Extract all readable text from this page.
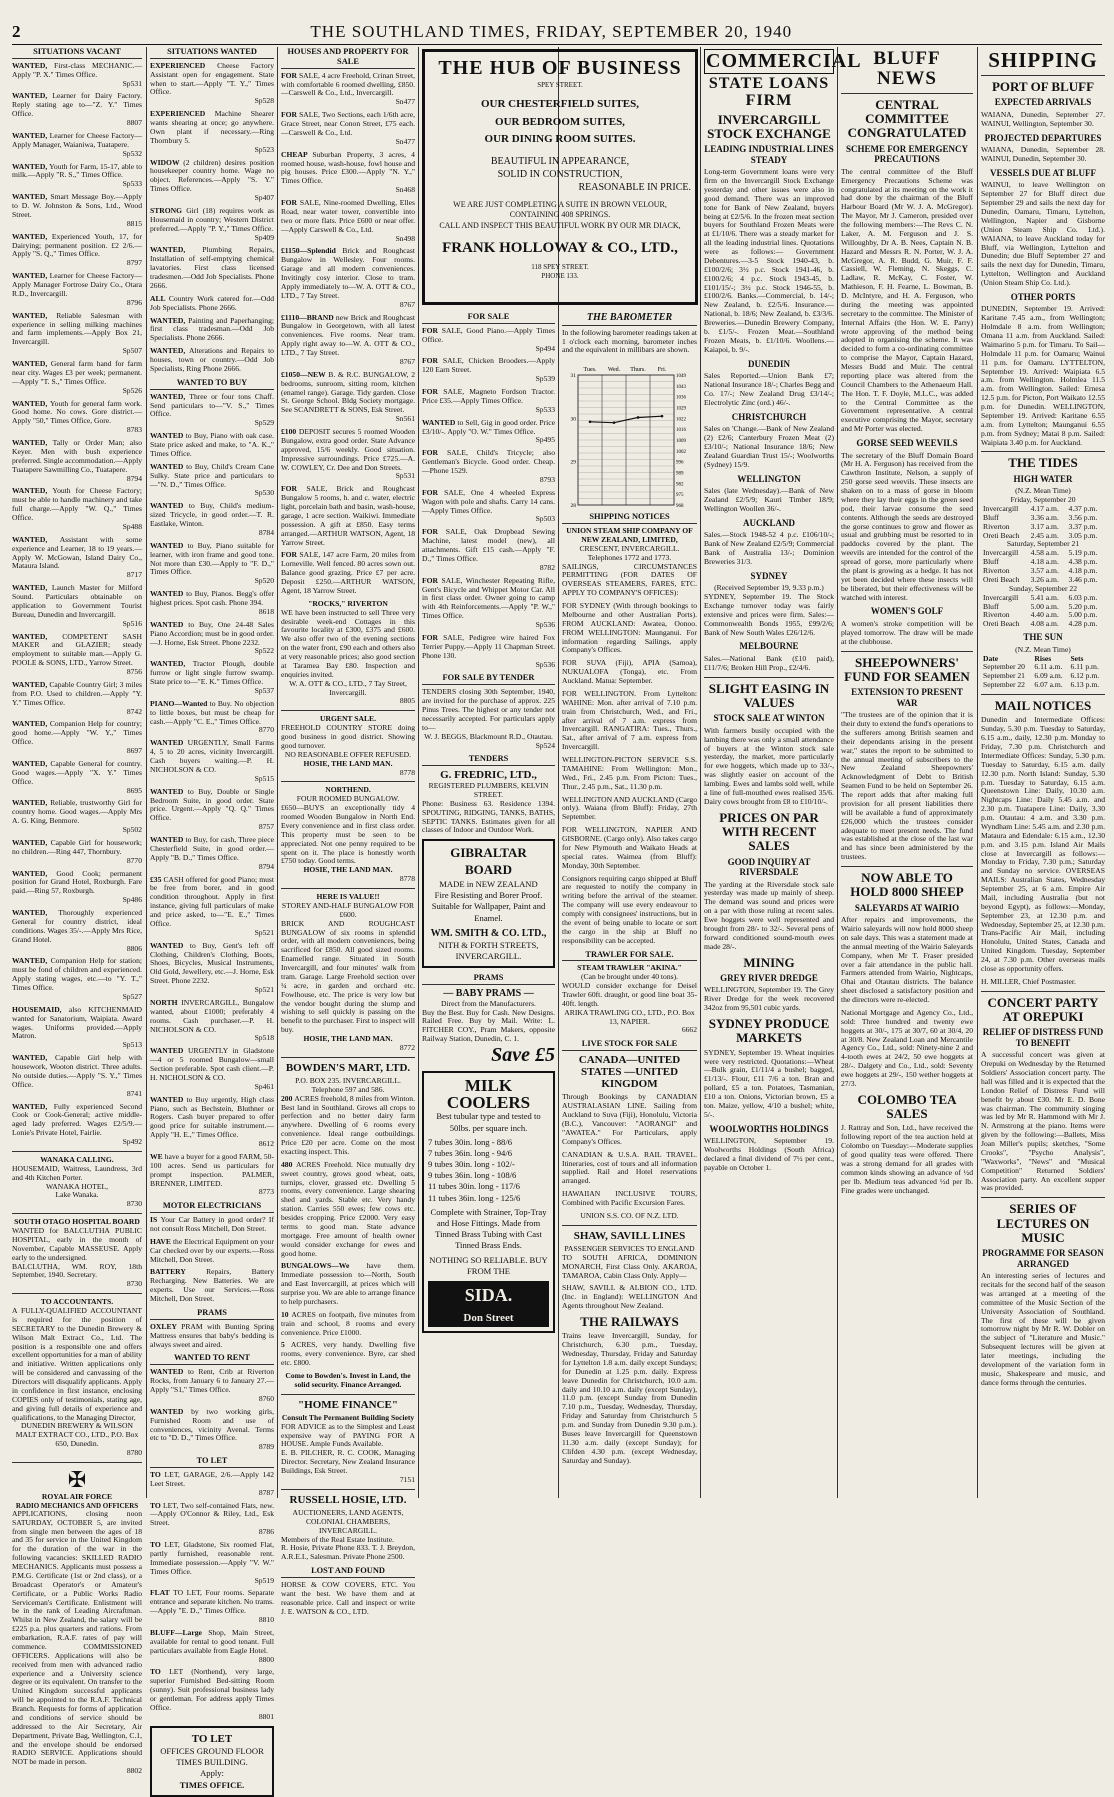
2	THE SOUTHLAND TIMES, FRIDAY, SEPTEMBER 20, 1940
SITUATIONS VACANT
WANTED, First-class MECHANIC.—Apply "P. X." Times Office.
Sp531
WANTED, Learner for Dairy Factory. Reply stating age to—"Z. Y." Times Office.
8807
WANTED, Learner for Cheese Factory—Apply Manager, Waianiwa, Tuatapere.
Sp532
WANTED, Youth for Farm, 15-17, able to milk.—Apply "R. S.," Times Office.
Sp533
WANTED, Smart Message Boy.—Apply to D. W. Johnston & Sons, Ltd., Wood Street.
8815
WANTED, Experienced Youth, 17, for Dairying; permanent position. £2 2/6.—Apply "S. Q.," Times Office.
8797
WANTED, Learner for Cheese Factory—Apply Manager Fortrose Dairy Co., Otara R.D., Invercargill.
8796
WANTED, Reliable Salesman with experience in selling milking machines and farm implements.—Apply Box 21, Invercargill.
Sp507
WANTED, General farm hand for farm near city. Wages £3 per week; permanent.—Apply "T. S.," Times Office.
Sp526
WANTED, Youth for general farm work. Good home. No cows. Gore district.—Apply "50," Times Office, Gore.
8783
WANTED, Tally or Order Man; also Keyer. Men with bush experience preferred. Single accommodation.—Apply Tuatapere Sawmilling Co., Tuatapere.
8794
WANTED, Youth for Cheese Factory; must be able to handle machinery and take full charge.—Apply "W. Q.," Times Office.
Sp488
WANTED, Assistant with some experience and Learner, 18 to 19 years.—Apply W. McGowan, Island Dairy Co., Mataura Island.
8717
WANTED, Launch Master for Milford Sound. Particulars obtainable on application to Government Tourist Bureau, Dunedin and Invercargill.
Sp516
WANTED, COMPETENT SASH MAKER and GLAZIER; steady employment to suitable man.—Apply G. POOLE & SONS, LTD., Yarrow Street.
8756
WANTED, Capable Country Girl; 3 miles from P.O. Used to children.—Apply "Y. Y." Times Office.
8742
WANTED, Companion Help for country; good home.—Apply "W. Y.," Times Office.
8697
WANTED, Capable General for country. Good wages.—Apply "X. Y." Times Office.
8695
WANTED, Reliable, trustworthy Girl for country home. Good wages.—Apply Mrs A. G. King, Benmore.
Sp502
WANTED, Capable Girl for housework; no children.—Ring 447, Thornbury.
8770
WANTED, Good Cook; permanent position for Grand Hotel, Roxburgh. Fare paid.—Ring 57, Roxburgh.
Sp486
WANTED, Thoroughly experienced General for country district, ideal conditions. Wages 35/-.—Apply Mrs Rice, Grand Hotel.
8806
WANTED, Companion Help for station; must be fond of children and experienced. Apply stating wages, etc.—to "Y. T.," Times Office.
Sp527
HOUSEMAID, also KITCHENMAID wanted for Sanatorium, Waipiata. Award wages. Uniforms provided.—Apply Matron.
Sp513
WANTED, Capable Girl help with housework, Wooton district. Three adults. No outside duties.—Apply "S. Y.," Times Office.
8741
WANTED, Fully experienced Second Cook or Cook-General; active middle-aged lady preferred. Wages £2/5/9.—Lonie's Private Hotel, Fairlie.
Sp492
WANAKA CALLING.
HOUSEMAID, Waitress, Laundress, 3rd and 4th Kitchen Porter.

WANAKA HOTEL,
Lake Wanaka.
8730
SOUTH OTAGO HOSPITAL BOARD
WANTED for BALCLUTHA PUBLIC HOSPITAL, early in the month of November, Capable MASSEUSE. Apply early to the undersigned.
BALCLUTHA, WM. ROY, 18th September, 1940. Secretary.
8730
TO ACCOUNTANTS.
A FULLY-QUALIFIED ACCOUNTANT is required for the position of SECRETARY to the Dunedin Brewery & Wilson Malt Extract Co., Ltd. The position is a responsible one and offers excellent opportunities for a man of ability and initiative. Written applications only will be considered and canvassing of the Directors will disqualify applicants. Apply in confidence in first instance, enclosing COPIES only of testimonials, stating age, and giving full details of experience and qualifications, to the Managing Director,

DUNEDIN BREWERY & WILSON MALT EXTRACT CO., LTD., P.O. Box 650, Dunedin.
8780
✠
ROYAL AIR FORCE
RADIO MECHANICS AND OFFICERS
APPLICATIONS, closing noon SATURDAY, OCTOBER 5, are invited from single men between the ages of 18 and 35 for service in the United Kingdom for the duration of the war in the following vacancies: SKILLED RADIO MECHANICS. Applicants must possess a P.M.G. Certificate (1st or 2nd class), or a Broadcast Operator's or Amateur's Certificate, or a Public Works Radio Serviceman's Certificate. Enlistment will be in the rank of Leading Aircraftman. Whilst in New Zealand, the salary will be £225 p.a. plus quarters and rations. From embarkation, R.A.F. rates of pay will commence. COMMISSIONED OFFICERS. Applications will also be received from men with advanced radio experience and a University science degree or its equivalent. On transfer to the United Kingdom successful applicants will be appointed to the R.A.F. Technical Branch. Requests for forms of application and conditions of service should be addressed to the Air Secretary, Air Department, Private Bag, Wellington, C.1, and the envelope should be endorsed RADIO SERVICE. Applications should NOT be made in person.
8802
SITUATIONS WANTED
EXPERIENCED Cheese Factory Assistant open for engagement. State when to start.—Apply "T. Y.," Times Office.
Sp528
EXPERIENCED Machine Shearer wants shearing at once; go anywhere. Own plant if necessary.—Ring Thornbury 5.
Sp523
WIDOW (2 children) desires position housekeeper country home. Wage no object. References.—Apply "S. Y." Times Office.
Sp407
STRONG Girl (18) requires work as Housemaid in country; Western District preferred.—Apply "P. Y.," Times Office.
Sp409
WANTED, Plumbing Repairs, Installation of self-emptying chemical lavatories. First class licensed tradesmen.—Odd Job Specialists. Phone 2666.
ALL Country Work catered for.—Odd Job Specialists. Phone 2666.
WANTED, Painting and Paperhanging; first class tradesman.—Odd Job Specialists. Phone 2666.
WANTED, Alterations and Repairs to houses, town or country.—Odd Job Specialists, Ring Phone 2666.
WANTED TO BUY
WANTED, Three or four tons Chaff. Send particulars to—"V. S.," Times Office.
Sp529
WANTED to Buy, Piano with oak case. State price asked and make, to "A. K.," Times Office.
WANTED to Buy, Child's Cream Cane Sulky. State price and particulars to—"N. D.," Times Office.
Sp530
WANTED to Buy, Child's medium-sized Tricycle, in good order.—T. R. Eastlake, Winton.
8784
WANTED to Buy, Piano suitable for learner, with iron frame and good tone. Not more than £30.—Apply to "F. D.," Times Office.
Sp520
WANTED to Buy, Pianos. Begg's offer highest prices. Spot cash. Phone 394.
8618
WANTED to Buy, One 24-48 Sales Piano Accordion; must be in good order.—J. Horne, Esk Street. Phone 2232.
Sp522
WANTED, Tractor Plough, double furrow or light single furrow swamp. State price to—"E. K." Times Office.
Sp537
PIANO—Wanted to Buy. No objection to little boxes, but must be cheap for cash.—Apply "C. E.," Times Office.
8770
WANTED URGENTLY, Small Farms 4, 5 to 20 acres, vicinity Invercargill. Cash buyers waiting.—P. H. NICHOLSON & CO.
Sp515
WANTED to Buy, Double or Single Bedroom Suite, in good order. State price. Urgent.—Apply "Q. Q." Times Office.
8757
WANTED to Buy, for cash, Three piece Chesterfield Suite, in good order.—Apply "B. D.," Times Office.
8794
£35 CASH offered for good Piano; must be free from borer, and in good condition throughout. Apply in first instance, giving full particulars of make and price asked, to—"E. E.," Times Office.
Sp521
WANTED to Buy, Gent's left off Clothing, Children's Clothing, Boots, Shoes, Bicycles, Musical Instruments, Old Gold, Jewellery, etc.—J. Horne, Esk Street. Phone 2232.
Sp521
NORTH INVERCARGILL, Bungalow wanted, about £1000; preferably 4 rooms. Cash purchaser.—P. H. NICHOLSON & CO.
Sp518
WANTED URGENTLY in Gladstone —4 or 5 roomed Bungalow—small Section preferable. Spot cash client.—P. H. NICHOLSON & CO.
Sp461
WANTED to Buy urgently, High class Piano, such as Bechstein, Bluthner or Rogers. Cash buyer prepared to offer good price for suitable instrument.—Apply "H. E.," Times Office.
8612
WE have a buyer for a good FARM, 50-100 acres. Send us particulars for prompt inspection. PALMER, BRENNER, LIMITED.
8773
MOTOR ELECTRICIANS
IS Your Car Battery in good order? If not consult Ross Mitchell, Don Street.
HAVE the Electrical Equipment on your Car checked over by our experts.—Ross Mitchell, Don Street.
BATTERY Repairs, Battery Recharging. New Batteries. We are experts. Use our Services.—Ross Mitchell, Don Street.
PRAMS
OXLEY PRAM with Bunting Spring Mattress ensures that baby's bedding is always sweet and aired.
WANTED TO RENT
WANTED to Rent, Crib at Riverton Rocks, from January 6 to January 27.—Apply "S1," Times Office.
8760
WANTED by two working girls, Furnished Room and use of conveniences, vicinity Avenal. Terms etc to "D. D.," Times Office.
8789
TO LET
TO LET, GARAGE, 2/6.—Apply 142 Leet Street.
8787
TO LET, Two self-contained Flats, new.—Apply O'Connor & Riley, Ltd., Esk Street.
8786
TO LET, Gladstone, Six roomed Flat, partly furnished, reasonable rent. Immediate possession.—Apply "V. W." Times Office.
Sp519
FLAT TO LET, Four rooms. Separate entrance and separate kitchen. No trams.—Apply "E. D.," Times Office.
8810
BLUFF—Large Shop, Main Street, available for rental to good tenant. Full particulars available from Eagle Hotel.
8800
TO LET (Northend), very large, superior Furnished Bed-sitting Room (sunny). Suit professional business lady or gentleman. For address apply Times Office.
8801
TO LET
OFFICES GROUND FLOOR TIMES BUILDING.
Apply:
TIMES OFFICE.
HOUSES AND PROPERTY FOR SALE
FOR SALE, 4 acre Freehold, Crinan Street, with comfortable 6 roomed dwelling, £850.—Carswell & Co., Ltd., Invercargill.
Sn477
FOR SALE, Two Sections, each 1/6th acre, Grace Street, near Conon Street, £75 each.—Carswell & Co., Ltd.
Sn477
CHEAP Suburban Property, 3 acres, 4 roomed house, wash-house, fowl house and pig houses. Price £300.—Apply "N. Y.," Times Office.
Sn468
FOR SALE, Nine-roomed Dwelling, Elles Road, near water tower, convertible into two or more flats. Price £600 or near offer.—Apply Carswell & Co., Ltd.
Sn498
£1150—Splendid Brick and Roughcast Bungalow in Wellesley. Four rooms. Garage and all modern conveniences. Invitingly cosy interior. Close to tram. Apply immediately to—W. A. OTT & CO., LTD., 7 Tay Street.
8767
£1110—BRAND new Brick and Roughcast Bungalow in Georgetown, with all latest conveniences. Five rooms. Near tram. Apply right away to—W. A. OTT & CO., LTD., 7 Tay Street.
8767
£1050—NEW B. & R.C. BUNGALOW, 2 bedrooms, sunroom, sitting room, kitchen (enamel range). Garage. Tidy garden. Close St. George School. Bldg Society mortgage. See SCANDRETT & SONS, Esk Street.
Sn561
£100 DEPOSIT secures 5 roomed Wooden Bungalow, extra good order. State Advance approved, 15/6 weekly. Good situation. Impressive surroundings. Price £725.—A. W. COWLEY, Cr. Dee and Don Streets.
Sp531
FOR SALE, Brick and Roughcast Bungalow 5 rooms, h. and c. water, electric light, porcelain bath and basin, wash-house, garage, 1 acre section. Waikiwi. Immediate possession. A gift at £850. Easy terms arranged.—ARTHUR WATSON, Agent, 18 Yarrow Street.
FOR SALE, 147 acre Farm, 20 miles from Lorneville. Well fenced. 80 acres sown out. Balance good grazing. Price £7 per acre. Deposit £250.—ARTHUR WATSON, Agent, 18 Yarrow Street.
"ROCKS," RIVERTON
WE have been instructed to sell Three very desirable week-end Cottages in this favourite locality at £300, £375 and £600. We also offer two of the evening sections on the water front, £90 each and others also at very reasonable prices; also good section at Taramea Bay £80. Inspection and enquiries invited.

W. A. OTT & CO., LTD., 7 Tay Street, Invercargill.
8805
URGENT SALE.
FREEHOLD COUNTRY STORE doing good business in good district. Showing good turnover.

NO REASONABLE OFFER REFUSED.
HOSIE, THE LAND MAN.
8778
NORTHEND.
FOUR ROOMED BUNGALOW.
£650—BUYS an exceptionally tidy 4 roomed Wooden Bungalow in North End. Every convenience and in first class order. This property must be seen to be appreciated. Not one penny required to be spent on it. The place is honestly worth £750 today. Good terms.

HOSIE, THE LAND MAN.
8778
HERE IS VALUE!!
STOREY AND-HALF BUNGALOW FOR £600.
BRICK AND ROUGHCAST BUNGALOW of six rooms in splendid order, with all modern conveniences, being sacrificed for £850. All good sized rooms. Enamelled range. Situated in South Invercargill, and four minutes' walk from tram. Garage. Large Freehold section over ¼ acre, in garden and orchard etc. Fowlhouse, etc. The price is very low but the vendor bought during the slump and wishing to sell quickly is passing on the benefit to the purchaser. First to inspect will buy.

HOSIE, THE LAND MAN.
8772
BOWDEN'S MART, LTD.
P.O. BOX 235. INVERCARGILL. Telephone 597 and 586.
200 ACRES freehold, 8 miles from Winton. Best land in Southland. Grows all crops to perfection and no better dairy farm anywhere. Dwelling of 6 rooms every convenience. Ideal range outbuildings. Price £20 per acre. Come on the most exacting inspect. This.
480 ACRES Freehold. Nice mutually dry sweet country, grows good wheat, oats, turnips, clover, grassed etc. Dwelling 5 rooms, every convenience. Large shearing shed and yards. Stable etc. Very handy station. Carries 550 ewes; few cows etc. besides cropping. Price £2000. Very easy terms to good man. State advance mortgage. Free amount of health owner would consider exchange for ewes and good home.
BUNGALOWS—We have them. Immediate possession to—North, South and East Invercargill, at prices which will surprise you. We are able to arrange finance to help purchasers.
10 ACRES on footpath, five minutes from train and school, 8 rooms and every convenience. Price £1000.
5 ACRES, very handy. Dwelling five rooms, every convenience. Byre, car shed etc. £800.
Come to Bowden's. Invest in Land, the solid security. Finance Arranged.
"HOME FINANCE"
Consult The Permanent Building Society
FOR ADVICE as to the Simplest and Least expensive way of PAYING FOR A HOUSE. Ample Funds Available.
E. B. PILCHER, R. C. COOK, Managing Director. Secretary, New Zealand Insurance Buildings, Esk Street.
7151
RUSSELL HOSIE, LTD.
AUCTIONEERS, LAND AGENTS, COLONIAL CHAMBERS, INVERCARGILL.
Members of the Real Estate Institute.
R. Hosie, Private Phone 833. T. J. Breydon, A.R.E.I., Salesman. Private Phone 2500.
LOST AND FOUND
HORSE & COW COVERS, ETC. You want the best. We have them and at reasonable price. Call and inspect or write J. E. WATSON & CO., LTD.
THE HUB OF BUSINESS
SPEY STREET.
OUR CHESTERFIELD SUITES,
OUR BEDROOM SUITES,
OUR DINING ROOM SUITES.
BEAUTIFUL IN APPEARANCE,
SOLID IN CONSTRUCTION,
REASONABLE IN PRICE.
WE ARE JUST COMPLETING A SUITE IN BROWN VELOUR, CONTAINING 408 SPRINGS.
CALL AND INSPECT THIS BEAUTIFUL WORK BY OUR MR DIACK,
FRANK HOLLOWAY & CO., LTD.,
118 SPEY STREET.
PHONE 133.
FOR SALE
FOR SALE, Good Piano.—Apply Times Office.
Sp494
FOR SALE, Chicken Brooders.—Apply 120 Earn Street.
Sp539
FOR SALE, Magneto Fordson Tractor. Price £35.—Apply Times Office.
Sp533
WANTED to Sell, Gig in good order. Price £3/10/-. Apply "O. W." Times Office.
Sp495
FOR SALE, Child's Tricycle; also Gentleman's Bicycle. Good order. Cheap.—Phone 1529.
8793
FOR SALE, One 4 wheeled Express Wagon with pole and shafts. Carry 14 cans.—Apply Times Office.
Sp503
FOR SALE, Oak Dropbead Sewing Machine, latest model (new), all attachments. Gift £15 cash.—Apply "F. D.," Times Office.
8782
FOR SALE, Winchester Repeating Rifle, Gent's Bicycle and Whippet Motor Car. All in first class order. Owner going to camp with 4th Reinforcements.—Apply "P. W.," Times Office.
Sp536
FOR SALE, Pedigree wire haired Fox Terrier Puppy.—Apply 11 Chapman Street. Phone 130.
Sp536
FOR SALE BY TENDER
TENDERS closing 30th September, 1940, are invited for the purchase of approx. 225 Pinus Trees. The highest or any tender not necessarily accepted. For particulars apply to—

W. J. BEGGS, Blackmount R.D., Otautau.
Sp524
TENDERS
G. FREDRIC, LTD.,
REGISTERED PLUMBERS, KELVIN STREET.
Phone: Business 63. Residence 1394. SPOUTING, RIDGING, TANKS, BATHS, SEPTIC TANKS. Estimates given for all classes of Indoor and Outdoor Work.
GIBRALTAR BOARD
MADE in NEW ZEALAND
Fire Resisting and Borer Proof.
Suitable for Wallpaper, Paint and Enamel.
WM. SMITH & CO. LTD.,
NITH & FORTH STREETS, INVERCARGILL.
PRAMS
— BABY PRAMS —
Direct from the Manufacturers.
Buy the Best. Buy for Cash. New Designs. Railed Free. Buy by Mail. Write: L. FITCHER COY., Pram Makers, opposite Railway Station, Dunedin, C. 1.
Save £5
MILK COOLERS
Best tubular type and tested to 50lbs. per square inch.
7 tubes 30in. long - 88/6
7 tubes 36in. long - 94/6
9 tubes 30in. long - 102/-
9 tubes 36in. long - 108/6
11 tubes 30in. long - 117/6
11 tubes 36in. long - 125/6
Complete with Strainer, Top-Tray and Hose Fittings. Made from Tinned Brass Tubing with Cast Tinned Brass Ends.
NOTHING SO RELIABLE. BUY FROM THE
SIDA.
Don Street
THE BAROMETER
In the following barometer readings taken at 1 o'clock each morning, barometer inches and the equivalent in millibars are shown.
Tues. Wed. Thurs. Fri.
31
30
29
28
1049
1043
1036
1029
1022
1016
1009
1002
996
989
982
975
968
SHIPPING NOTICES
UNION STEAM SHIP COMPANY OF NEW ZEALAND, LIMITED,
CRESCENT, INVERCARGILL. Telephones 1772 and 1773.
SAILINGS, CIRCUMSTANCES PERMITTING (FOR DATES OF OVERSEAS STEAMERS, FARES, ETC. APPLY TO COMPANY'S OFFICES):
FOR SYDNEY (With through bookings to Melbourne and other Australian Ports). FROM AUCKLAND: Awatea, Oonoo. FROM WELLINGTON: Maunganui. For information regarding Sailings, apply Company's Offices.
FOR SUVA (Fiji), APIA (Samoa), NUKUALOFA (Tonga), etc. From Auckland. Matua: September.
FOR WELLINGTON. From Lyttelton: WAHINE: Mon. after arrival of 7.10 p.m. train from Christchurch, Wed., and Fri., after arrival of 7 a.m. express from Invercargill. RANGATIRA: Tues., Thurs., Sat., after arrival of 7 a.m. express from Invercargill.
WELLINGTON-PICTON SERVICE S.S. TAMAHINE: From Wellington: Mon., Wed., Fri., 2.45 p.m. From Picton: Tues., Thur., 2.45 p.m., Sat., 11.30 p.m.
WELLINGTON AND AUCKLAND (Cargo only). Waiana (from Bluff): Friday, 27th September.
FOR WELLINGTON, NAPIER AND GISBORNE. (Cargo only). Also takes cargo for New Plymouth and Waikato Heads at special rates. Waimea (from Bluff): Monday, 30th September.
Consignors requiring cargo shipped at Bluff are requested to notify the company in writing before the arrival of the steamer. The company will use every endeavour to comply with consignees' instructions, but in the event of being unable to locate or sort the cargo in the ship at Bluff no responsibility can be accepted.
TRAWLER FOR SALE.
STEAM TRAWLER "AKINA."
(Can be brought under 40 tons).
WOULD consider exchange for Deisel Trawler 60ft. draught, or good line boat 35-40ft. length.

ARIKA TRAWLING CO., LTD., P.O. Box 13, NAPIER.
6662
LIVE STOCK FOR SALE
CANADA—UNITED STATES —UNITED KINGDOM
Through Bookings by CANADIAN AUSTRALASIAN LINE. Sailing from Auckland to Suva (Fiji), Honolulu, Victoria (B.C.), Vancouver: "AORANGI" and "AWATEA." For Particulars, apply Company's Offices.
CANADIAN & U.S.A. RAIL TRAVEL. Itineraries, cost of tours and all information supplied. Rail and Hotel reservations arranged.
HAWAIIAN INCLUSIVE TOURS, Combined with Pacific Excursion Fares.
UNION S.S. CO. OF N.Z. LTD.
SHAW, SAVILL LINES
PASSENGER SERVICES TO ENGLAND
TO SOUTH AFRICA, DOMINION MONARCH, First Class Only. AKAROA, TAMAROA, Cabin Class Only. Apply—
SHAW, SAVILL & ALBION CO., LTD. (Inc. in England): WELLINGTON And Agents throughout New Zealand.
THE RAILWAYS
Trains leave Invercargill, Sunday, for Christchurch, 6.30 p.m., Tuesday, Wednesday, Thursday, Friday and Saturday for Lyttelton 1.8 a.m. daily except Sundays; for Dunedin at 1.25 p.m. daily. Express leave Dunedin for Christchurch, 10.0 a.m. daily and 10.10 a.m. daily (except Sunday), 11.0 p.m. (except Sunday from Dunedin 7.10 p.m., Tuesday, Wednesday, Thursday, Friday and Saturday from Christchurch 5 p.m. and Sunday from Dunedin 9.30 p.m.). Buses leave Invercargill for Queenstown 11.30 a.m. daily (except Sunday); for Clifden 4.30 p.m. (except Wednesday, Saturday and Sunday).
COMMERCIAL
STATE LOANS FIRM
INVERCARGILL STOCK EXCHANGE
LEADING INDUSTRIAL LINES STEADY
Long-term Government loans were very firm on the Invercargill Stock Exchange yesterday and other issues were also in good demand. There was an improved tone for Bank of New Zealand, buyers being at £2/5/6. In the frozen meat section buyers for Southland Frozen Meats were at £1/10/6. There was a steady market for all the leading industrial lines. Quotations were as follows:— Government Debentures.—3-5 Stock 1940-43, b. £100/2/6; 3½ p.c. Stock 1941-46, b. £100/2/6; 4 p.c. Stock 1943-45, b. £101/15/-; 3½ p.c. Stock 1946-55, b. £100/2/6. Banks.—Commercial, b. 14/-; New Zealand, b. £2/5/6. Insurance.—National, b. 18/6; New Zealand, b. £3/3/6. Breweries.—Dunedin Brewery Company, b. £1/5/-. Frozen Meat.—Southland Frozen Meats, b. £1/10/6. Woollens.—Kaiapoi, b. 9/-.
DUNEDIN
Sales Reported.—Union Bank £7; National Insurance 18/-; Charles Begg and Co. 17/-; New Zealand Drug £3/14/-; Electrolytic Zinc (ord.) 46/-.
CHRISTCHURCH
Sales on 'Change.—Bank of New Zealand (2) £2/6; Canterbury Frozen Meat (2) £3/10/-; National Insurance 18/6; New Zealand Guardian Trust 15/-; Woolworths (Sydney) 15/9.
WELLINGTON
Sales (late Wednesday).—Bank of New Zealand £2/5/9; Kauri Timber 18/9; Wellington Woollen 36/-.
AUCKLAND
Sales.—Stock 1948-52 4 p.c. £106/10/-; Bank of New Zealand £2/5/9; Commercial Bank of Australia 13/-; Dominion Breweries 31/3.
SYDNEY
(Received September 19, 9.33 p.m.)
SYDNEY, September 19. The Stock Exchange turnover today was fairly extensive and prices were firm. Sales:—Commonwealth Bonds 1955, £99/2/6; Bank of New South Wales £26/12/6.
MELBOURNE
Sales.—National Bank (£10 paid), £11/7/6; Broken Hill Prop., £2/4/6.
SLIGHT EASING IN VALUES
STOCK SALE AT WINTON
With farmers busily occupied with the lambing there was only a small attendance of buyers at the Winton stock sale yesterday, the market, more particularly for ewe hoggets, which made up to 33/-, was slightly easier on account of the lambing. Ewes and lambs sold well, while a line of full-mouthed ewes realised 35/6. Dairy cows brought from £8 to £10/10/-.
PRICES ON PAR WITH RECENT SALES
GOOD INQUIRY AT RIVERSDALE
The yarding at the Riversdale stock sale yesterday was made up mainly of sheep. The demand was sound and prices were on a par with those ruling at recent sales. Ewe hoggets were well represented and brought from 28/- to 32/-. Several pens of forward conditioned sound-mouth ewes made 28/-.
MINING
GREY RIVER DREDGE
WELLINGTON, September 19. The Grey River Dredge for the week recovered 342oz from 95,501 cubic yards.
SYDNEY PRODUCE MARKETS
SYDNEY, September 19. Wheat inquiries were very restricted. Quotations:—Wheat—Bulk grain, £1/11/4 a bushel; bagged, £1/13/-. Flour, £11 7/6 a ton. Bran and pollard, £5 a ton. Potatoes, Tasmanian, £10 a ton. Onions, Victorian brown, £5 a ton. Maize, yellow, 4/10 a bushel; white, 5/-.
WOOLWORTHS HOLDINGS
WELLINGTON, September 19. Woolworths Holdings (South Africa) declared a final dividend of 7½ per cent., payable on October 1.
BLUFF NEWS
CENTRAL COMMITTEE CONGRATULATED
SCHEME FOR EMERGENCY PRECAUTIONS
The central committee of the Bluff Emergency Precautions Scheme was congratulated at its meeting on the work it had done by the chairman of the Bluff Harbour Board (Mr W. J. A. McGregor). The Mayor, Mr J. Cameron, presided over the following members:—The Revs C. N. Laker, A. M. Ferguson and J. S. Willoughby, Dr A. B. Nees, Captain N. B. Hazard and Messrs R. N. Porter, W. J. A. McGregor, A. R. Budd, G. Muir, F. F. Cassiell, W. Fleming, N. Skeggs, C. Ladlaw, R. McKay, C. Foster, W. Mathieson, F. H. Fearne, L. Bowman, B. D. McIntyre, and H. A. Ferguson, who during the meeting was appointed secretary to the committee. The Minister of Internal Affairs (the Hon. W. E. Parry) wrote approving of the method being adopted in organising the scheme. It was decided to form a co-ordinating committee to comprise the Mayor, Captain Hazard, Messrs Budd and Muir. The central reporting place was altered from the Council Chambers to the Athenaeum Hall. The Hon. T. F. Doyle, M.L.C., was added to the Central Committee as the Government representative. A central executive comprising the Mayor, secretary and Mr Porter was elected.
GORSE SEED WEEVILS
The secretary of the Bluff Domain Board (Mr H. A. Ferguson) has received from the Cawthron Institute, Nelson, a supply of 250 gorse seed weevils. These insects are shaken on to a mass of gorse in bloom where they lay their eggs in the green seed pod, their larvae consume the seed contents. Although the seeds are destroyed the gorse continues to grow and flower as usual and grubbing must be resorted to in paddocks covered by the plant. The weevils are intended for the control of the spread of gorse, more particularly where the plant is growing as a hedge. It has not yet been decided where these insects will be liberated, but their effectiveness will be watched with interest.
WOMEN'S GOLF
A women's stroke competition will be played tomorrow. The draw will be made at the clubhouse.
SHEEPOWNERS' FUND FOR SEAMEN
EXTENSION TO PRESENT WAR
"The trustees are of the opinion that it is their duty to extend the fund's operations to the sufferers among British seamen and their dependants arising in the present war," states the report to be submitted to the annual meeting of subscribers to the New Zealand Sheepowners' Acknowledgment of Debt to British Seamen Fund to be held on September 26. The report adds that after making full provision for all present liabilities there will be available a fund of approximately £26,000 which the trustees consider adequate to meet present needs. The fund was established at the close of the last war and has since been administered by the trustees.
NOW ABLE TO HOLD 8000 SHEEP
SALEYARDS AT WAIRIO
After repairs and improvements, the Wairio saleyards will now hold 8000 sheep on sale days. This was a statement made at the annual meeting of the Wairio Saleyards Company, when Mr T. Fraser presided over a fair attendance in the public hall. Farmers attended from Wairio, Nightcaps, Ohai and Otautau districts. The balance sheet disclosed a satisfactory position and the directors were re-elected.
National Mortgage and Agency Co., Ltd., sold: Three hundred and twenty ewe hoggets at 30/-, 175 at 30/7, 60 at 30/4, 20 at 30/8. New Zealand Loan and Mercantile Agency Co., Ltd., sold: Ninety-nine 2 and 4-tooth ewes at 24/2, 50 ewe hoggets at 28/-. Dalgety and Co., Ltd., sold: Seventy ewe hoggets at 29/-, 150 wether hoggets at 27/3.
COLOMBO TEA SALES
J. Rattray and Son, Ltd., have received the following report of the tea auction held at Colombo on Tuesday:—Moderate supplies of good quality teas were offered. There was a strong demand for all grades with common kinds showing an advance of ½d per lb. Medium teas advanced ½d per lb. Fine grades were unchanged.
SHIPPING
PORT OF BLUFF
EXPECTED ARRIVALS
WAIANA, Dunedin, September 27. WAINUI, Wellington, September 30.
PROJECTED DEPARTURES
WAIANA, Dunedin, September 28. WAINUI, Dunedin, September 30.
VESSELS DUE AT BLUFF
WAINUI, to leave Wellington on September 27 for Bluff direct due September 29 and sails the next day for Dunedin, Oamaru, Timaru, Lyttelton, Wellington, Napier and Gisborne (Union Steam Ship Co. Ltd.). WAIANA, to leave Auckland today for Bluff, via Wellington, Lyttelton and Dunedin; due Bluff September 27 and sails the next day for Dunedin, Timaru, Lyttelton, Wellington and Auckland (Union Steam Ship Co. Ltd.).
OTHER PORTS
DUNEDIN, September 19. Arrived: Karitane 7.45 a.m., from Wellington; Holmdale 8 a.m. from Wellington; Omana 11 a.m. from Auckland. Sailed: Waimarino 5 p.m. for Timaru. To Sail—Holmdale 11 p.m. for Oamaru; Wainui 11 p.m. for Oamaru. LYTTELTON, September 19. Arrived: Waipiata 6.5 a.m. from Wellington. Holmlea 11.5 a.m. from Wellington. Sailed: Ernesa 12.5 p.m. for Picton, Port Waikato 12.55 p.m. for Dunedin. WELLINGTON, September 19. Arrived: Karitane 6.55 a.m. from Lyttelton; Maunganui 6.55 p.m. from Sydney; Matai 8 p.m. Sailed: Waipiata 3.40 p.m. for Auckland.
THE TIDES
HIGH WATER
(N.Z. Mean Time)
Friday, September 20
Invercargill	4.17 a.m.	4.37 p.m.
Bluff	3.36 a.m.	3.56 p.m.
Riverton	3.17 a.m.	3.37 p.m.
Oreti Beach	2.45 a.m.	3.05 p.m.
Saturday, September 21
Invercargill	4.58 a.m.	5.19 p.m.
Bluff	4.18 a.m.	4.38 p.m.
Riverton	3.57 a.m.	4.18 p.m.
Oreti Beach	3.26 a.m.	3.46 p.m.
Sunday, September 22
Invercargill	5.41 a.m.	6.03 p.m.
Bluff	5.00 a.m.	5.20 p.m.
Riverton	4.40 a.m.	5.00 p.m.
Oreti Beach	4.08 a.m.	4.28 p.m.
THE SUN
(N.Z. Mean Time)
Date	Rises	Sets
September 20	6.11 a.m.	6.11 p.m.
September 21	6.09 a.m.	6.12 p.m.
September 22	6.07 a.m.	6.13 p.m.
MAIL NOTICES
Dunedin and Intermediate Offices: Sunday, 5.30 p.m. Tuesday to Saturday, 6.15 a.m., daily, 12.30 p.m. Monday to Friday, 7.30 p.m. Christchurch and Intermediate Offices: Sunday, 5.30 p.m. Tuesday to Saturday, 6.15 a.m. daily 12.30 p.m. North Island: Sunday, 5.30 p.m. Tuesday to Saturday, 6.15 a.m. Queenstown Line: Daily, 10.30 a.m. Nightcaps Line: Daily 5.45 a.m. and 2.30 p.m. Tuatapere Line: Daily, 3.30 p.m. Otautau: 4 a.m. and 3.30 p.m. Wyndham Line: 5.45 a.m. and 2.30 p.m. Mataura and Edendale: 6.15 a.m., 12.30 p.m. and 3.15 p.m. Island Air Mails close at Invercargill as follows:—Monday to Friday, 7.30 p.m.; Saturday and Sunday no service. OVERSEAS MAILS: Australian States, Wednesday September 25, at 6 a.m. Empire Air Mail, including Australia (but not beyond Egypt), as follows:—Monday, September 23, at 12.30 p.m. and Wednesday, September 25, at 12.30 p.m. Trans-Pacific Air Mail, including Honolulu, United States, Canada and United Kingdom. Tuesday, September 24, at 7.30 p.m. Other overseas mails close as opportunity offers.
H. MILLER, Chief Postmaster.
CONCERT PARTY AT OREPUKI
RELIEF OF DISTRESS FUND TO BENEFIT
A successful concert was given at Orepuki on Wednesday by the Returned Soldiers' Association concert party. The hall was filled and it is expected that the London Relief of Distress Fund will benefit by about £30. Mr E. D. Bone was chairman. The community singing was led by Mr R. Hammond with Mr J. N. Armstrong at the piano. Items were given by the following:—Ballets, Miss Joan Miller's pupils; sketches, "Some Crooks", "Psycho Analysis", "Waxworks", "News" and "Musical Competition" Returned Soldiers' Association party. An excellent supper was provided.
SERIES OF LECTURES ON MUSIC
PROGRAMME FOR SEASON ARRANGED
An interesting series of lectures and recitals for the second half of the season was arranged at a meeting of the committee of the Music Section of the University Association of Southland. The first of these will be given tomorrow night by Mr R. W. Dobler on the subject of "Literature and Music." Subsequent lectures will be given at later meetings, including the development of the variation form in music, Shakespeare and music, and dance forms through the centuries.
